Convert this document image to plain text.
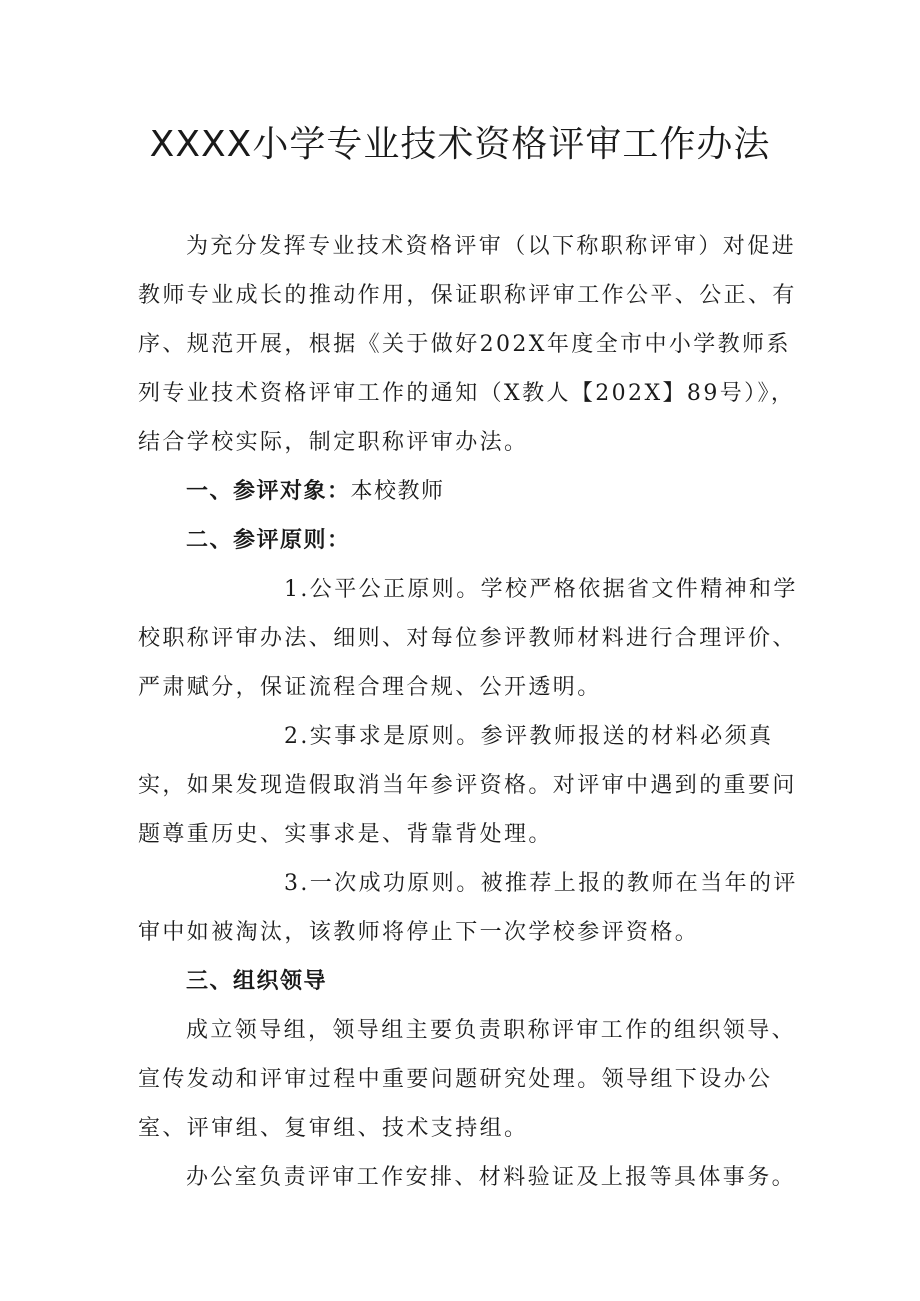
XXXX小学专业技术资格评审工作办法

为充分发挥专业技术资格评审（以下称职称评审）对促进教师专业成长的推动作用，保证职称评审工作公平、公正、有序、规范开展，根据《关于做好202X年度全市中小学教师系列专业技术资格评审工作的通知（X教人【202X】89号）》，结合学校实际，制定职称评审办法。

一、参评对象：本校教师

二、参评原则：

1.公平公正原则。学校严格依据省文件精神和学校职称评审办法、细则、对每位参评教师材料进行合理评价、严肃赋分，保证流程合理合规、公开透明。

2.实事求是原则。参评教师报送的材料必须真实，如果发现造假取消当年参评资格。对评审中遇到的重要问题尊重历史、实事求是、背靠背处理。

3.一次成功原则。被推荐上报的教师在当年的评审中如被淘汰，该教师将停止下一次学校参评资格。

三、组织领导

成立领导组，领导组主要负责职称评审工作的组织领导、宣传发动和评审过程中重要问题研究处理。领导组下设办公室、评审组、复审组、技术支持组。

办公室负责评审工作安排、材料验证及上报等具体事务。
